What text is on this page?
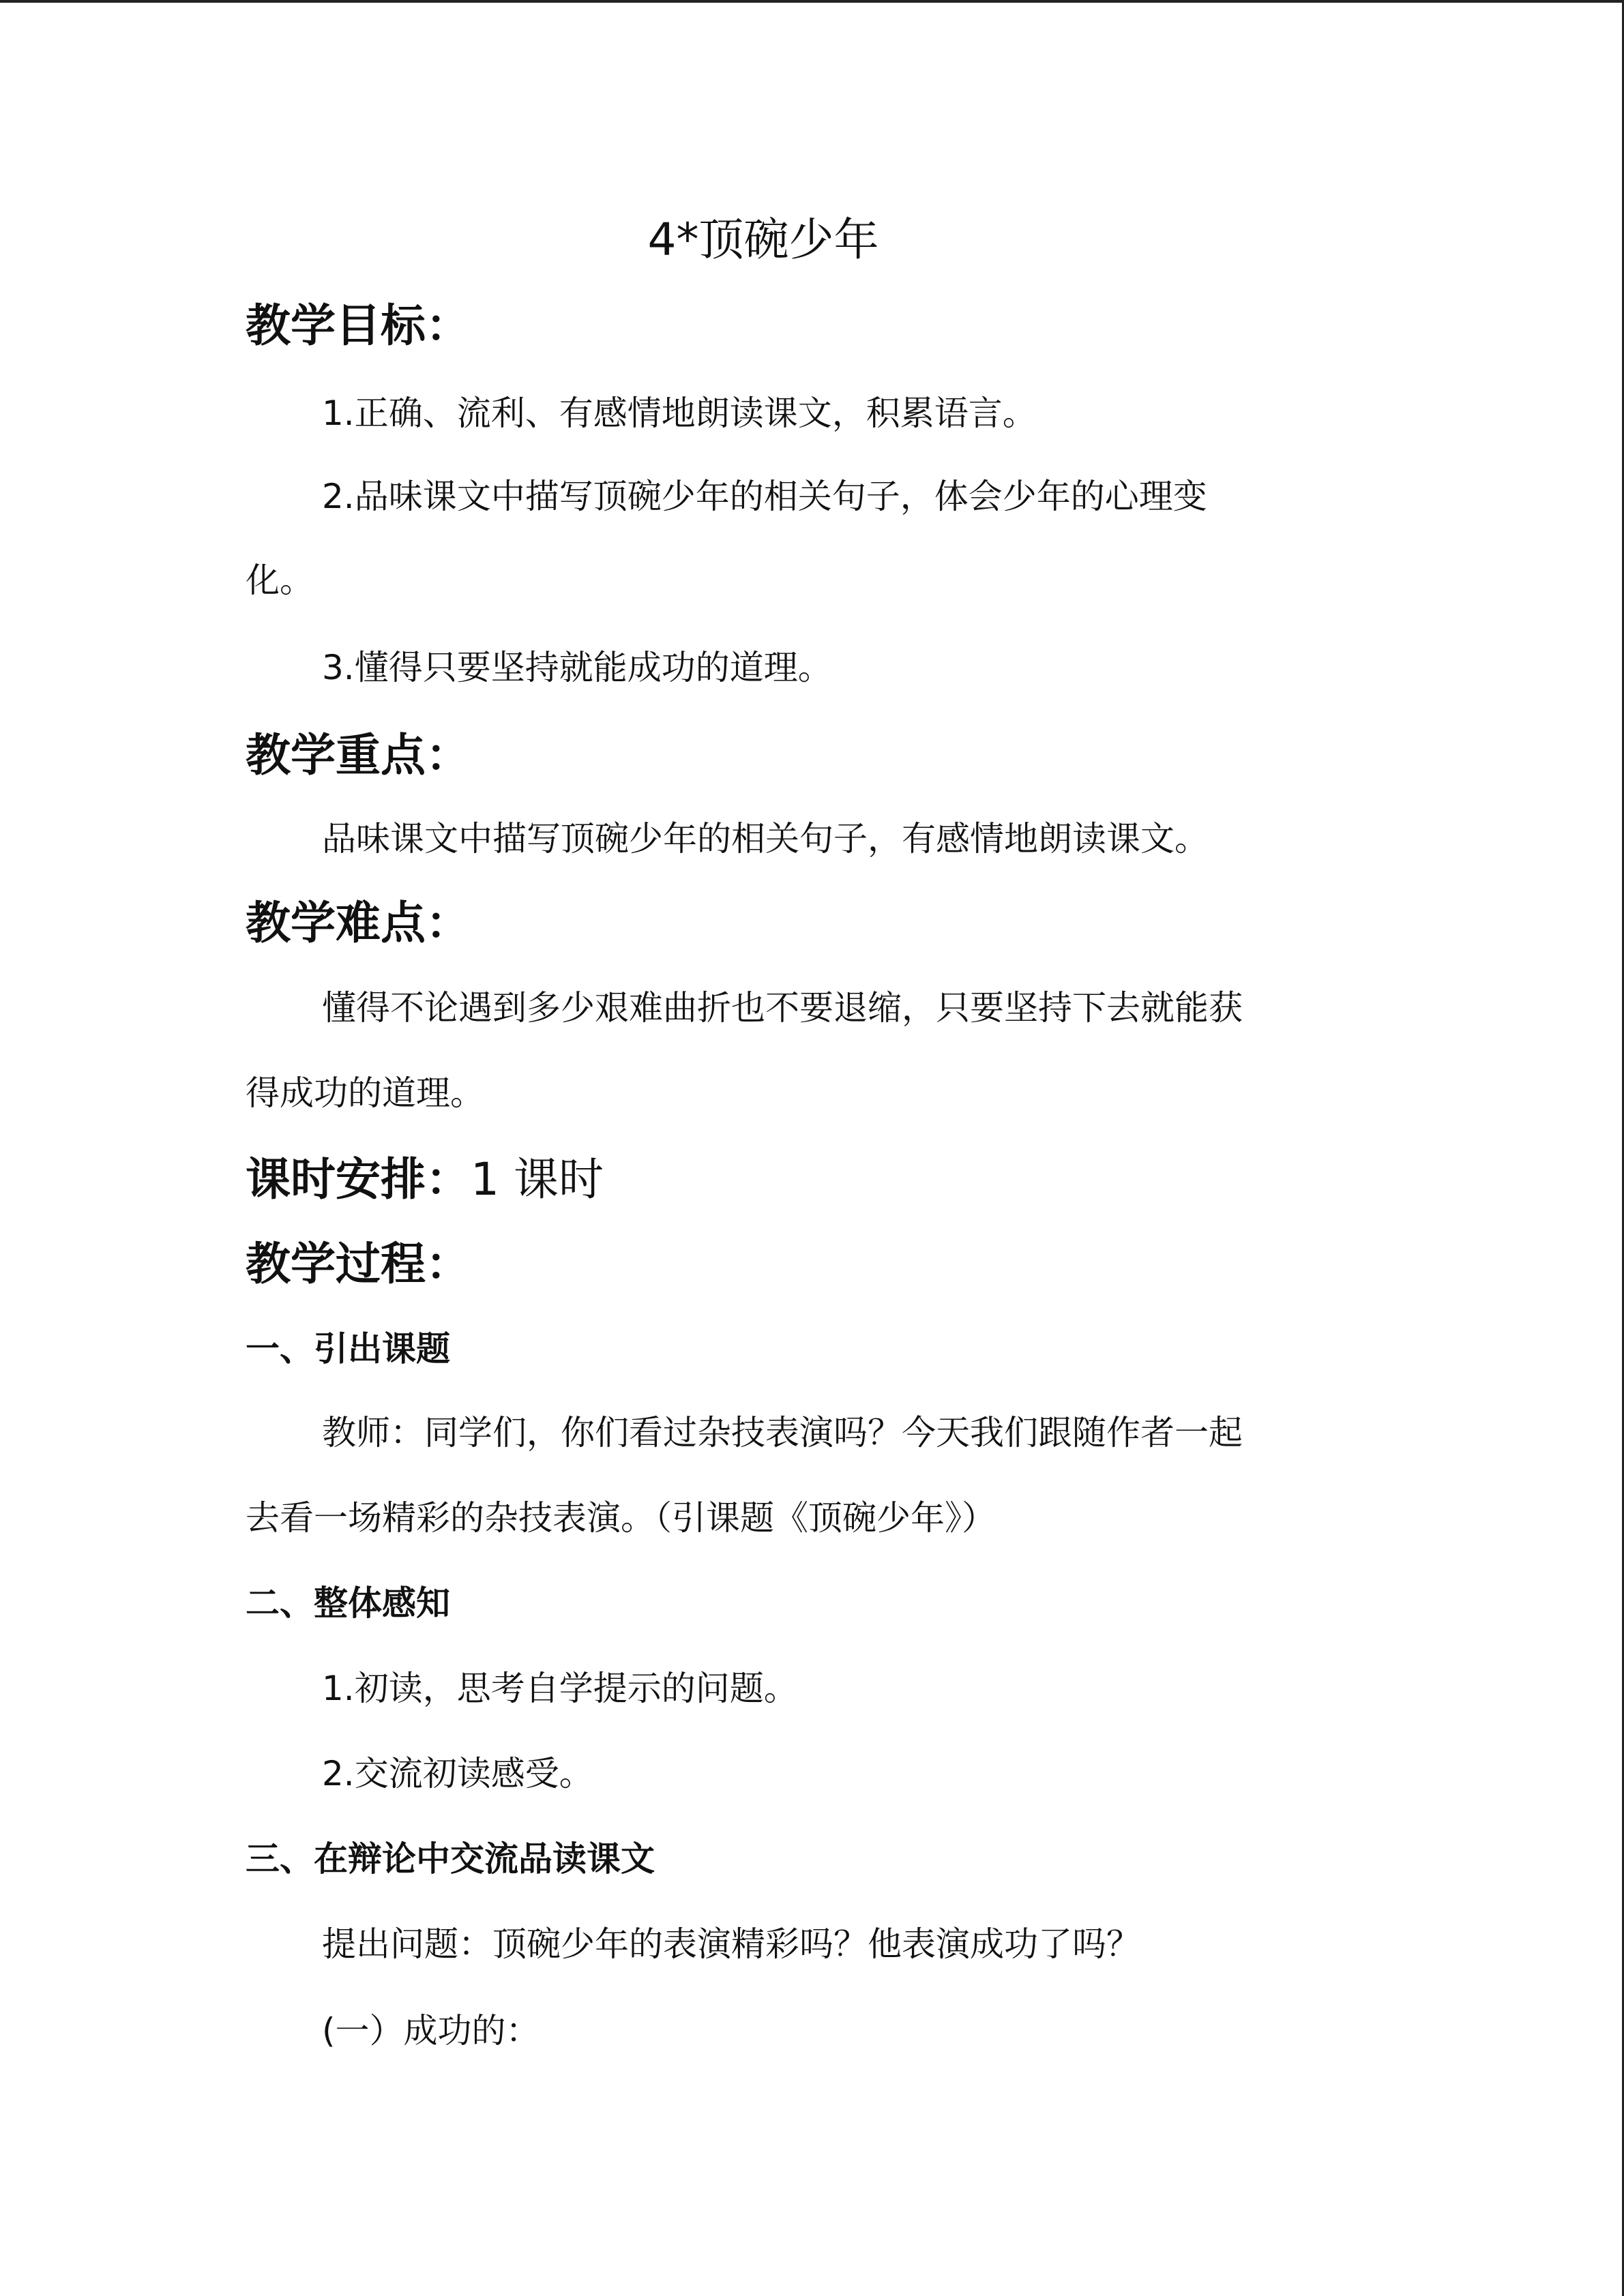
4*顶碗少年
教学目标：
1.正确、流利、有感情地朗读课文，积累语言。
2.品味课文中描写顶碗少年的相关句子，体会少年的心理变
化。
3.懂得只要坚持就能成功的道理。
教学重点：
品味课文中描写顶碗少年的相关句子，有感情地朗读课文。
教学难点：
懂得不论遇到多少艰难曲折也不要退缩，只要坚持下去就能获
得成功的道理。
课时安排：1 课时
教学过程：
一、引出课题
教师：同学们，你们看过杂技表演吗？今天我们跟随作者一起
去看一场精彩的杂技表演。（引课题《顶碗少年》）
二、整体感知
1.初读，思考自学提示的问题。
2.交流初读感受。
三、在辩论中交流品读课文
提出问题：顶碗少年的表演精彩吗？他表演成功了吗？
(一）成功的：
